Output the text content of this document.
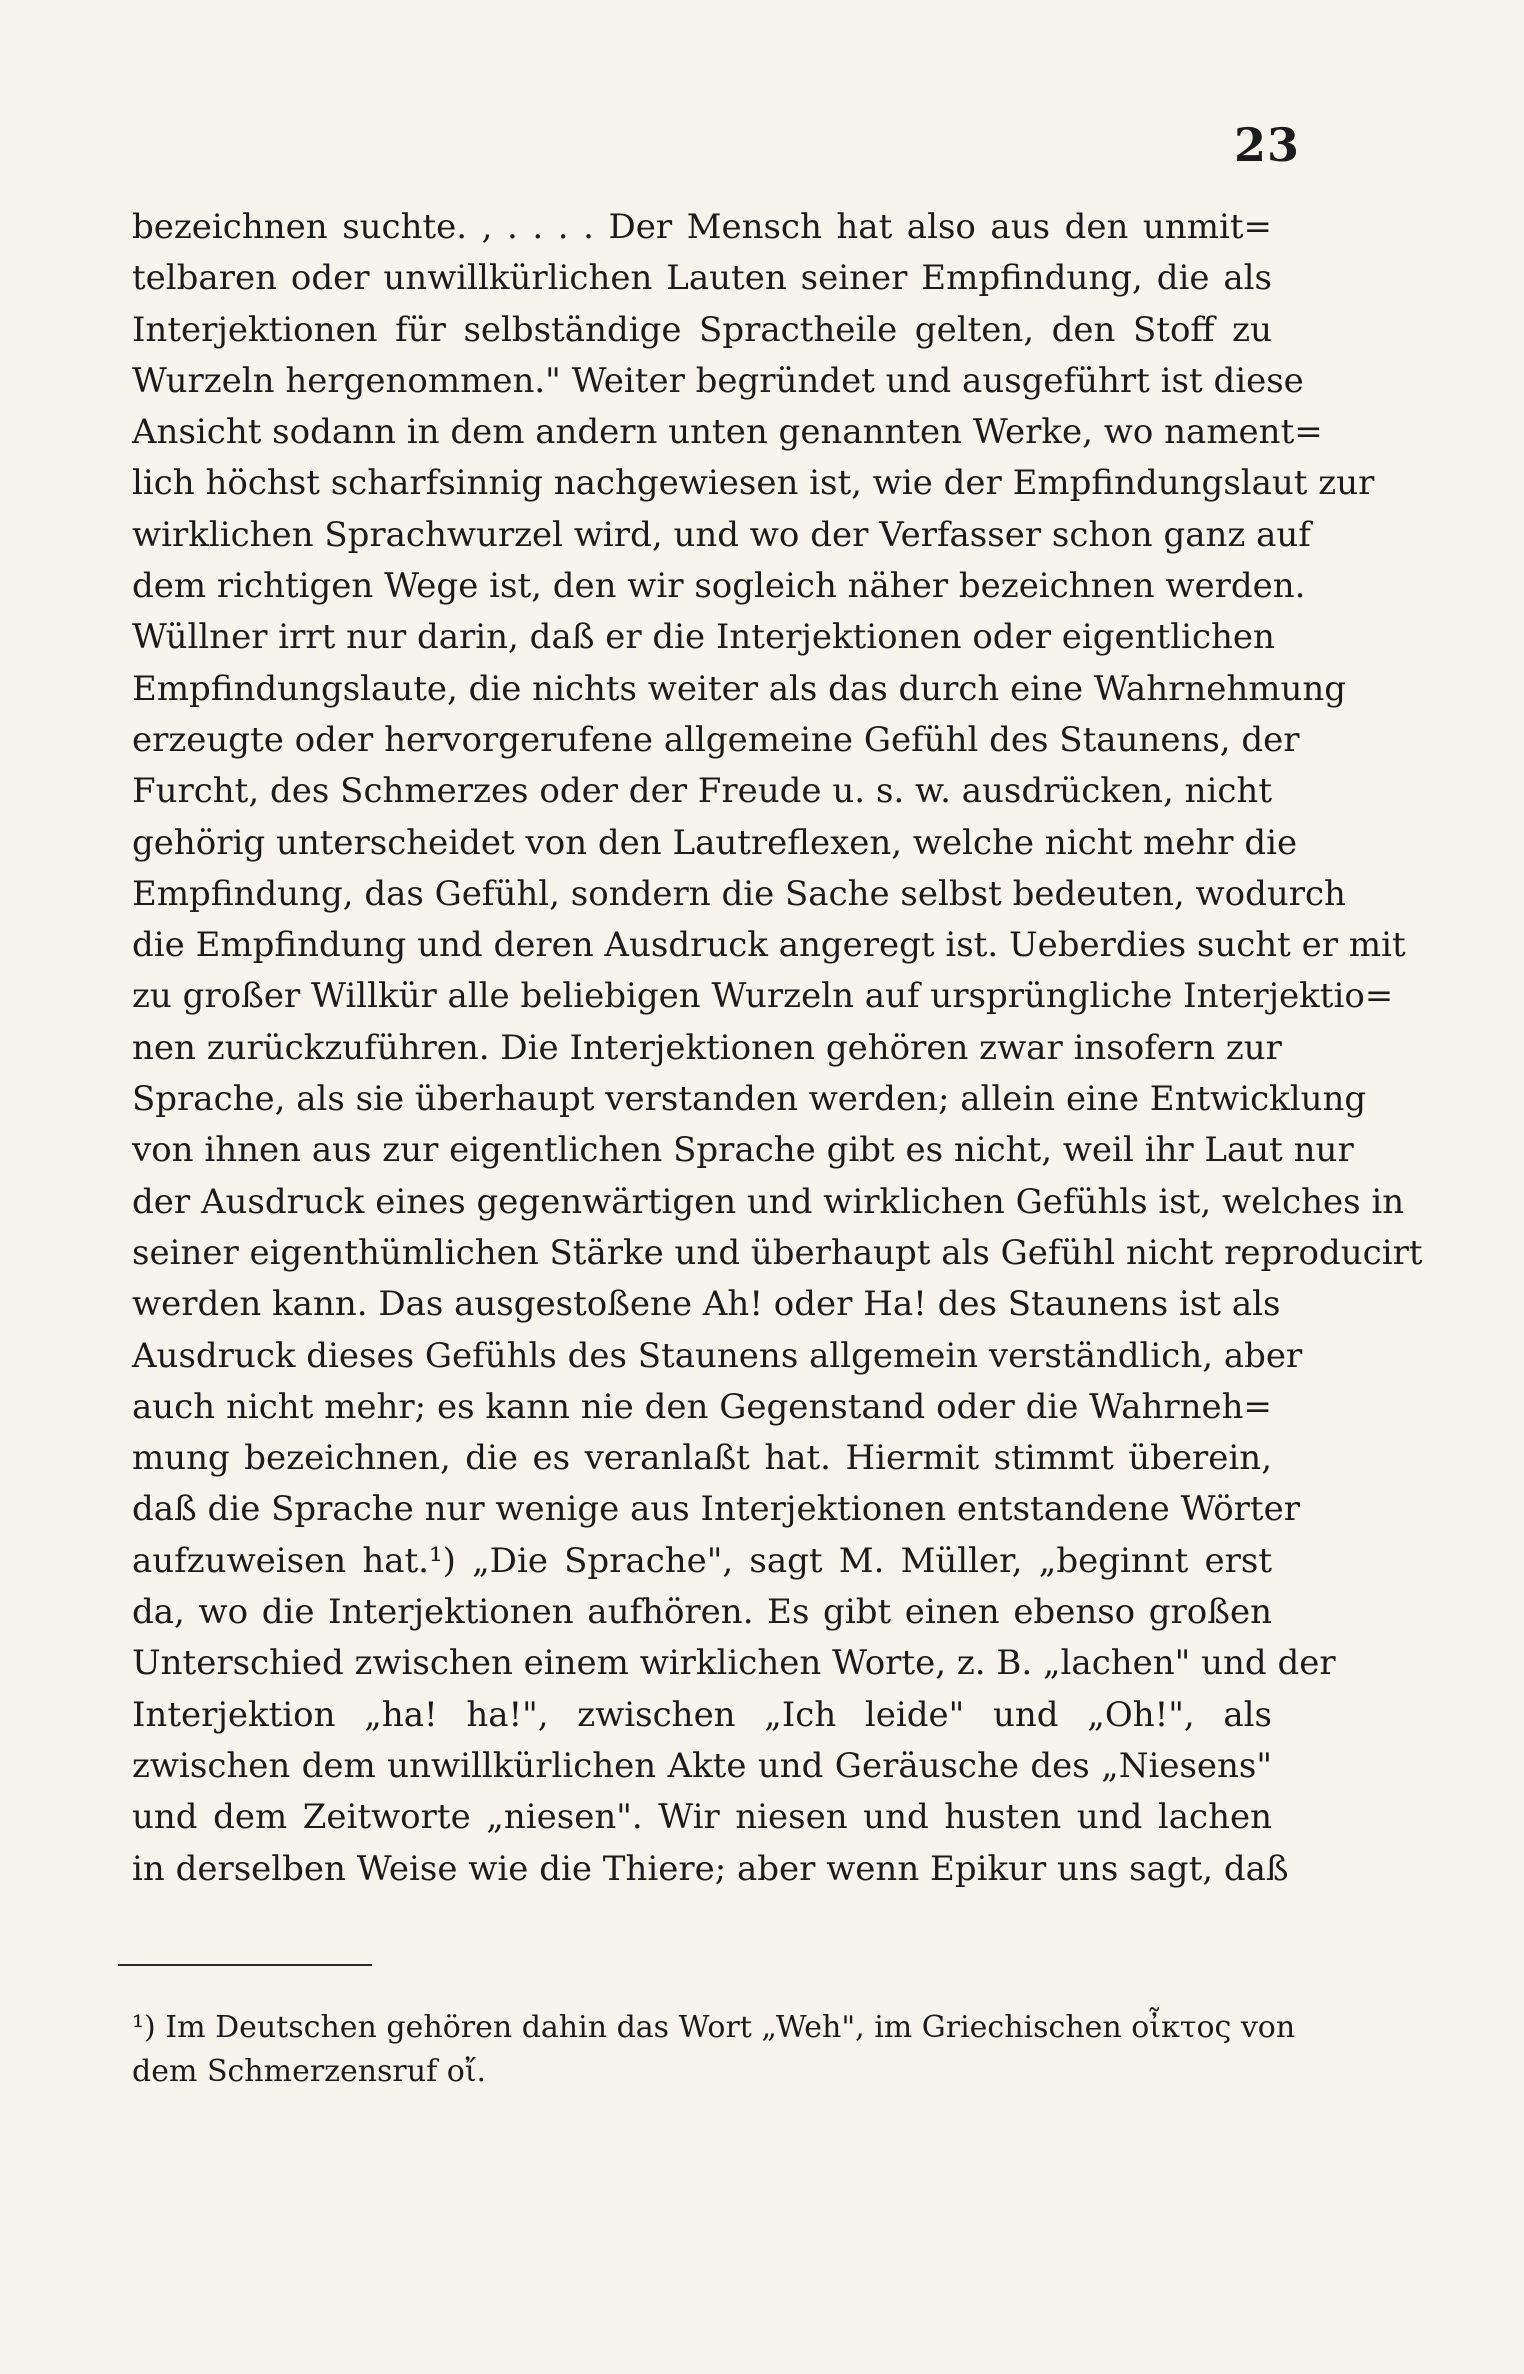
23
bezeichnen suchte. , . . . . Der Mensch hat also aus den unmit=
telbaren oder unwillkürlichen Lauten seiner Empfindung, die als
Interjektionen für selbständige Spractheile gelten, den Stoff zu
Wurzeln hergenommen." Weiter begründet und ausgeführt ist diese
Ansicht sodann in dem andern unten genannten Werke, wo nament=
lich höchst scharfsinnig nachgewiesen ist, wie der Empfindungslaut zur
wirklichen Sprachwurzel wird, und wo der Verfasser schon ganz auf
dem richtigen Wege ist, den wir sogleich näher bezeichnen werden.
Wüllner irrt nur darin, daß er die Interjektionen oder eigentlichen
Empfindungslaute, die nichts weiter als das durch eine Wahrnehmung
erzeugte oder hervorgerufene allgemeine Gefühl des Staunens, der
Furcht, des Schmerzes oder der Freude u. s. w. ausdrücken, nicht
gehörig unterscheidet von den Lautreflexen, welche nicht mehr die
Empfindung, das Gefühl, sondern die Sache selbst bedeuten, wodurch
die Empfindung und deren Ausdruck angeregt ist. Ueberdies sucht er mit
zu großer Willkür alle beliebigen Wurzeln auf ursprüngliche Interjektio=
nen zurückzuführen. Die Interjektionen gehören zwar insofern zur
Sprache, als sie überhaupt verstanden werden; allein eine Entwicklung
von ihnen aus zur eigentlichen Sprache gibt es nicht, weil ihr Laut nur
der Ausdruck eines gegenwärtigen und wirklichen Gefühls ist, welches in
seiner eigenthümlichen Stärke und überhaupt als Gefühl nicht reproducirt
werden kann. Das ausgestoßene Ah! oder Ha! des Staunens ist als
Ausdruck dieses Gefühls des Staunens allgemein verständlich, aber
auch nicht mehr; es kann nie den Gegenstand oder die Wahrneh=
mung bezeichnen, die es veranlaßt hat. Hiermit stimmt überein,
daß die Sprache nur wenige aus Interjektionen entstandene Wörter
aufzuweisen hat.¹) „Die Sprache", sagt M. Müller, „beginnt erst
da, wo die Interjektionen aufhören. Es gibt einen ebenso großen
Unterschied zwischen einem wirklichen Worte, z. B. „lachen" und der
Interjektion „ha! ha!", zwischen „Ich leide" und „Oh!", als
zwischen dem unwillkürlichen Akte und Geräusche des „Niesens"
und dem Zeitworte „niesen". Wir niesen und husten und lachen
in derselben Weise wie die Thiere; aber wenn Epikur uns sagt, daß
¹) Im Deutschen gehören dahin das Wort „Weh", im Griechischen οἶκτος von
dem Schmerzensruf οἴ.
